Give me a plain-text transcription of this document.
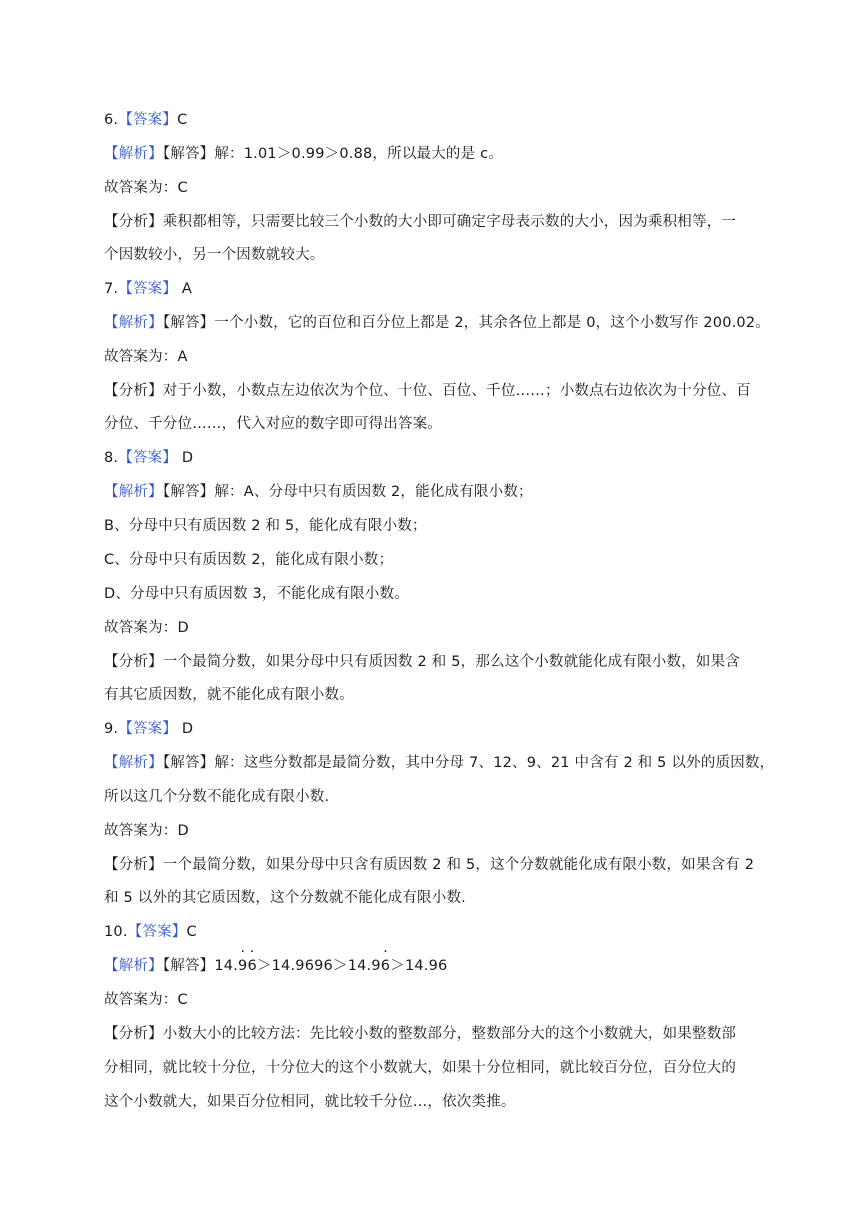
6.【答案】C
【解析】【解答】解：1.01＞0.99＞0.88，所以最大的是 c。
故答案为：C
【分析】乘积都相等，只需要比较三个小数的大小即可确定字母表示数的大小，因为乘积相等，一
个因数较小，另一个因数就较大。
7.【答案】 A
【解析】【解答】一个小数，它的百位和百分位上都是 2，其余各位上都是 0，这个小数写作 200.02。
故答案为：A
【分析】对于小数，小数点左边依次为个位、十位、百位、千位……；小数点右边依次为十分位、百
分位、千分位……，代入对应的数字即可得出答案。
8.【答案】 D
【解析】【解答】解：A、分母中只有质因数 2，能化成有限小数；
B、分母中只有质因数 2 和 5，能化成有限小数；
C、分母中只有质因数 2，能化成有限小数；
D、分母中只有质因数 3，不能化成有限小数。
故答案为：D
【分析】一个最简分数，如果分母中只有质因数 2 和 5，那么这个小数就能化成有限小数，如果含
有其它质因数，就不能化成有限小数。
9.【答案】 D
【解析】【解答】解：这些分数都是最简分数，其中分母 7、12、9、21 中含有 2 和 5 以外的质因数，
所以这几个分数不能化成有限小数.
故答案为：D
【分析】一个最简分数，如果分母中只含有质因数 2 和 5，这个分数就能化成有限小数，如果含有 2
和 5 以外的其它质因数，这个分数就不能化成有限小数.
10.【答案】C
【解析】【解答】14.· 9· 6＞14.9696＞14.9· 6＞14.96
故答案为：C
【分析】小数大小的比较方法：先比较小数的整数部分，整数部分大的这个小数就大，如果整数部
分相同，就比较十分位，十分位大的这个小数就大，如果十分位相同，就比较百分位，百分位大的
这个小数就大，如果百分位相同，就比较千分位…，依次类推。
